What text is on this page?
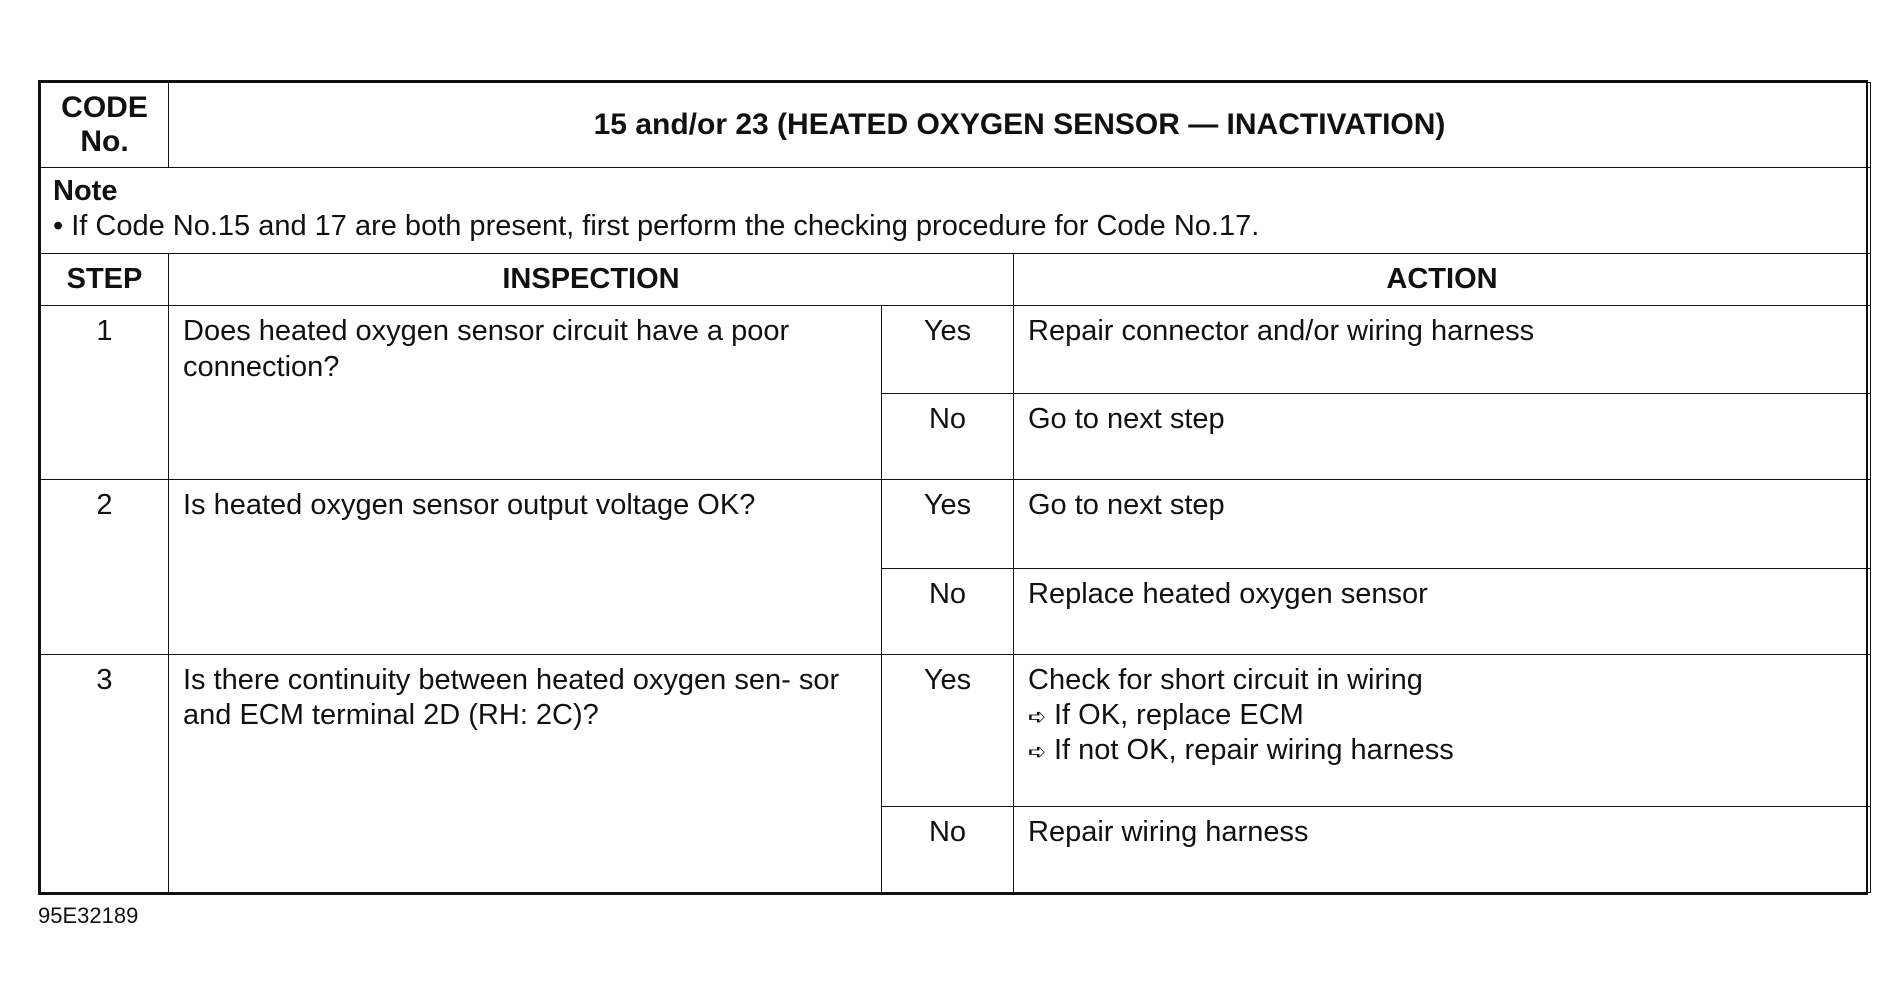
CODE No.	15 and/or 23 (HEATED OXYGEN SENSOR — INACTIVATION)		

Note
• If Code No.15 and 17 are both present, first perform the checking procedure for Code No.17.			

STEP	INSPECTION		ACTION
1	Does heated oxygen sensor circuit have a poor connection?	Yes	Repair connector and/or wiring harness
		No	Go to next step
2	Is heated oxygen sensor output voltage OK?	Yes	Go to next step
		No	Replace heated oxygen sensor
3	Is there continuity between heated oxygen sen- sor and ECM terminal 2D (RH: 2C)?	Yes	Check for short circuit in wiring
➪ If OK, replace ECM
➪ If not OK, repair wiring harness

		No	Repair wiring harness
95E32189
